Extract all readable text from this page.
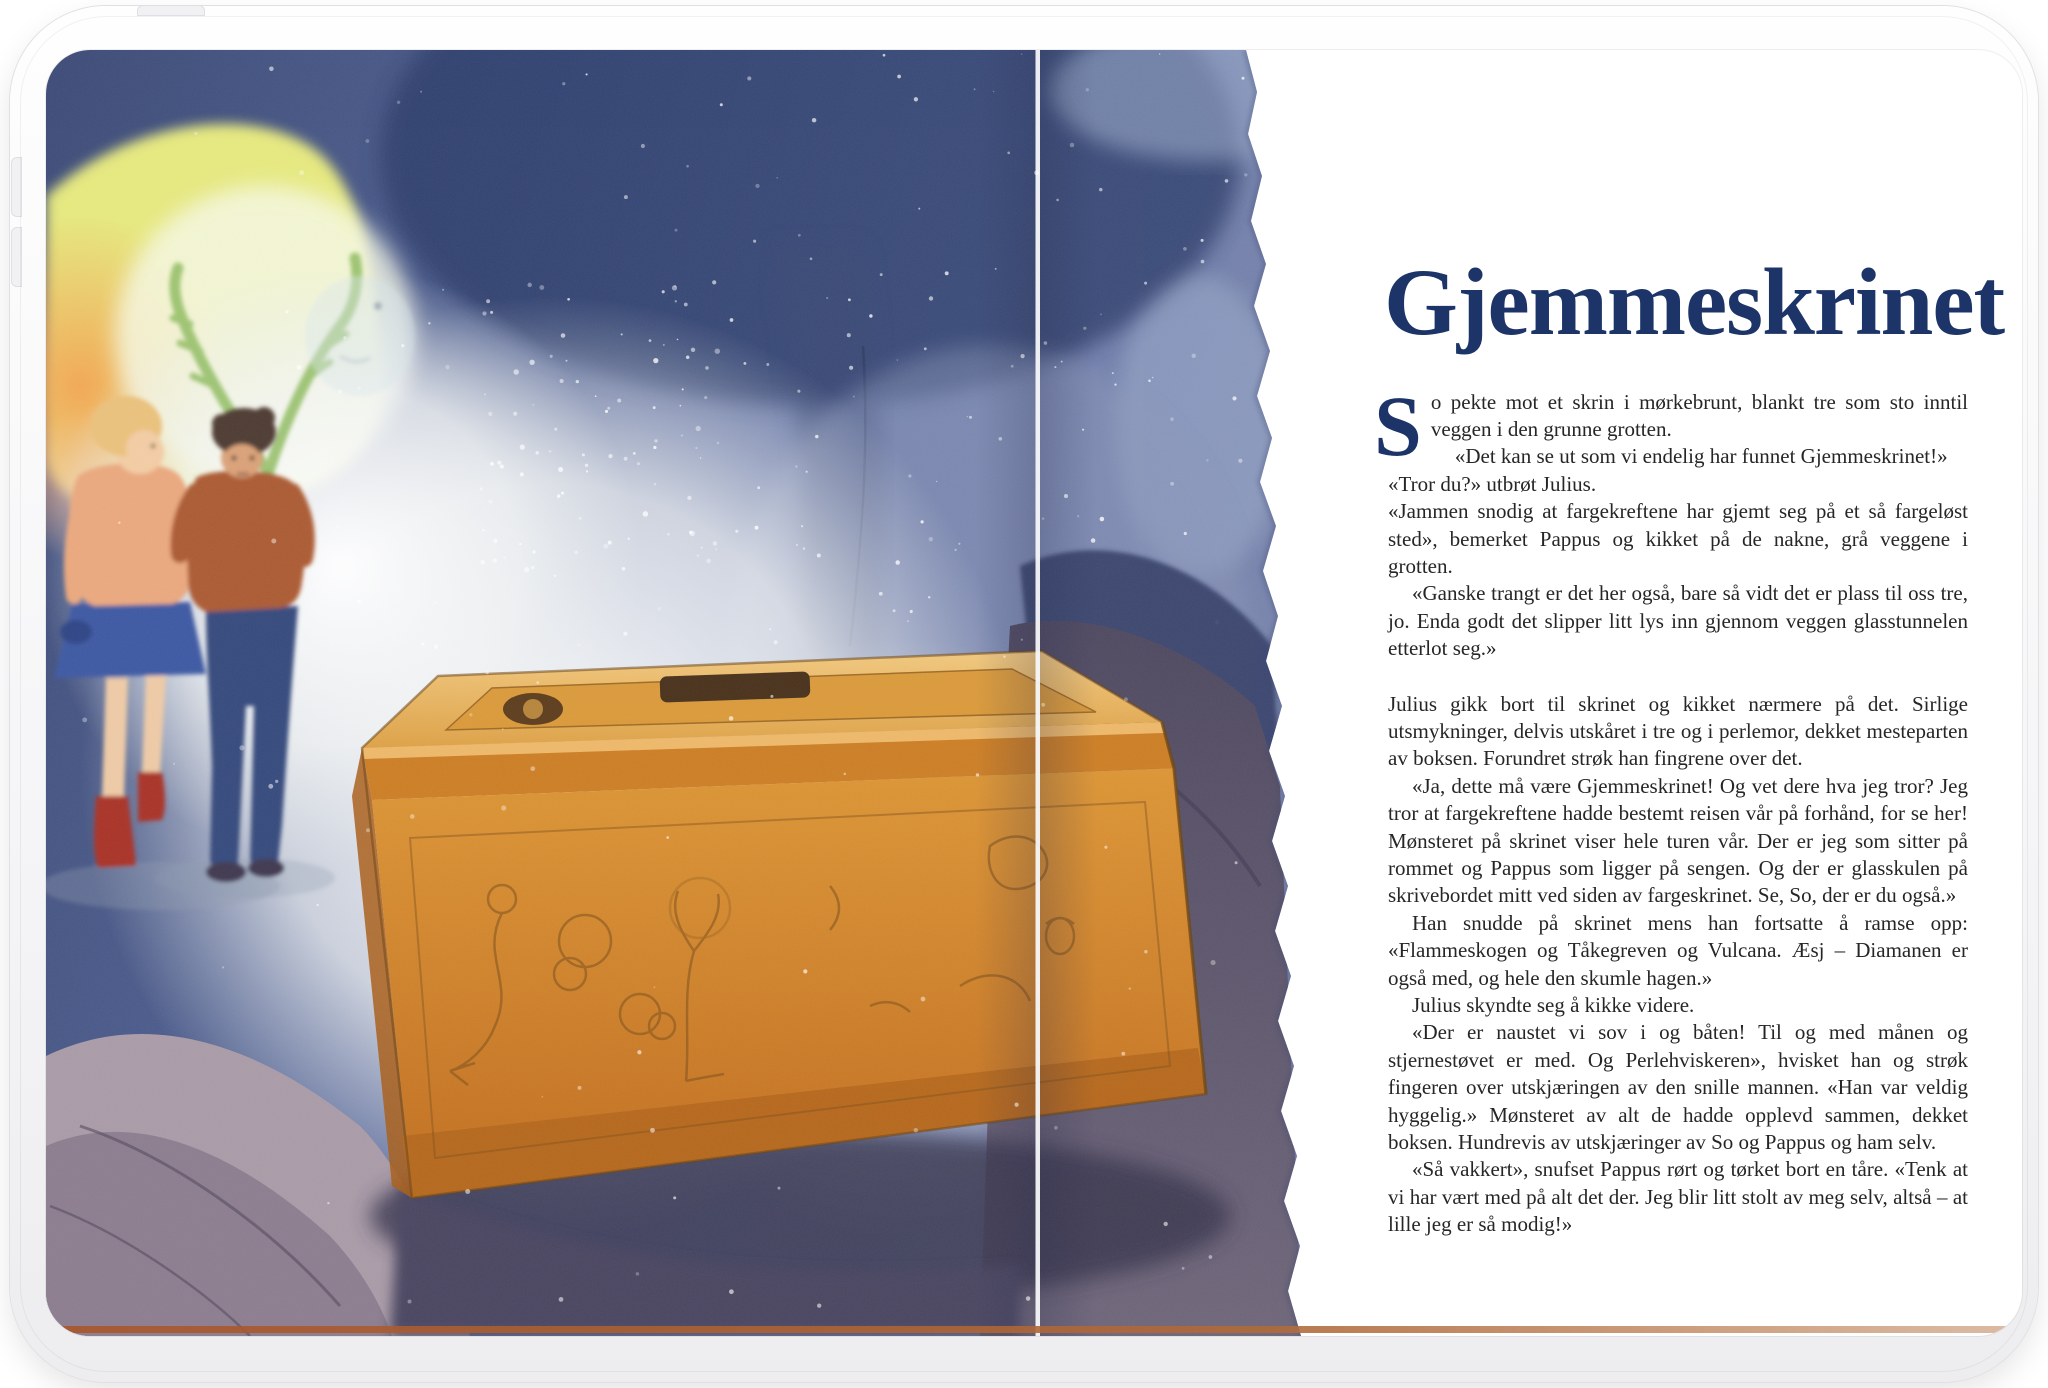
Gjemmeskrinet

So pekte mot et skrin i mørkebrunt, blankt tre som sto inntil veggen i den grunne grotten.

«Det kan se ut som vi endelig har funnet Gjemmeskrinet!»

«Tror du?» utbrøt Julius.

«Jammen snodig at fargekreftene har gjemt seg på et så fargeløst sted», bemerket Pappus og kikket på de nakne, grå veggene i grotten.

«Ganske trangt er det her også, bare så vidt det er plass til oss tre, jo. Enda godt det slipper litt lys inn gjennom veggen glasstunnelen etterlot seg.»

Julius gikk bort til skrinet og kikket nærmere på det. Sirlige utsmykninger, delvis utskåret i tre og i perlemor, dekket mesteparten av boksen. Forundret strøk han fingrene over det.

«Ja, dette må være Gjemmeskrinet! Og vet dere hva jeg tror? Jeg tror at fargekreftene hadde bestemt reisen vår på forhånd, for se her! Mønsteret på skrinet viser hele turen vår. Der er jeg som sitter på rommet og Pappus som ligger på sengen. Og der er glasskulen på skrivebordet mitt ved siden av fargeskrinet. Se, So, der er du også.»

Han snudde på skrinet mens han fortsatte å ramse opp: «Flammeskogen og Tåkegreven og Vulcana. Æsj – Diamanen er også med, og hele den skumle hagen.»

Julius skyndte seg å kikke videre.

«Der er naustet vi sov i og båten! Til og med månen og stjernestøvet er med. Og Perlehviskeren», hvisket han og strøk fingeren over utskjæringen av den snille mannen. «Han var veldig hyggelig.» Mønsteret av alt de hadde opplevd sammen, dekket boksen. Hundrevis av utskjæringer av So og Pappus og ham selv.

«Så vakkert», snufset Pappus rørt og tørket bort en tåre. «Tenk at vi har vært med på alt det der. Jeg blir litt stolt av meg selv, altså – at lille jeg er så modig!»
